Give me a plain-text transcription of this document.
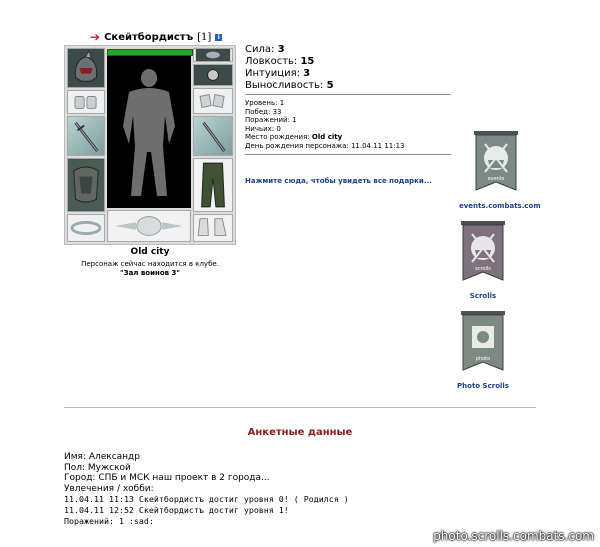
➔ Скейтбордистъ [1]	i
Old city
Персонаж сейчас находится в клубе.
"Зал воинов 3"
Сила: 3
Ловкость: 15
Интуиция: 3
Выносливость: 5
Уровень: 1
Побед: 33
Поражений: 1
Ничьих: 0
Место рождения: Old city
День рождения персонажа: 11.04.11 11:13
Нажмите сюда, чтобы увидеть все подарки...	events
events.combats.com
scrolls
Scrolls
photo
Photo Scrolls
Анкетные данные
Имя: Александр
Пол: Мужской
Город: СПБ и МСК наш проект в 2 города...
Увлечения / хобби:
11.04.11 11:13 Скейтбордистъ достиг уровня 0! ( Родился )
11.04.11 12:52 Скейтбордистъ достиг уровня 1!
Поражений: 1 :sad:
photo.scrolls.combats.com
